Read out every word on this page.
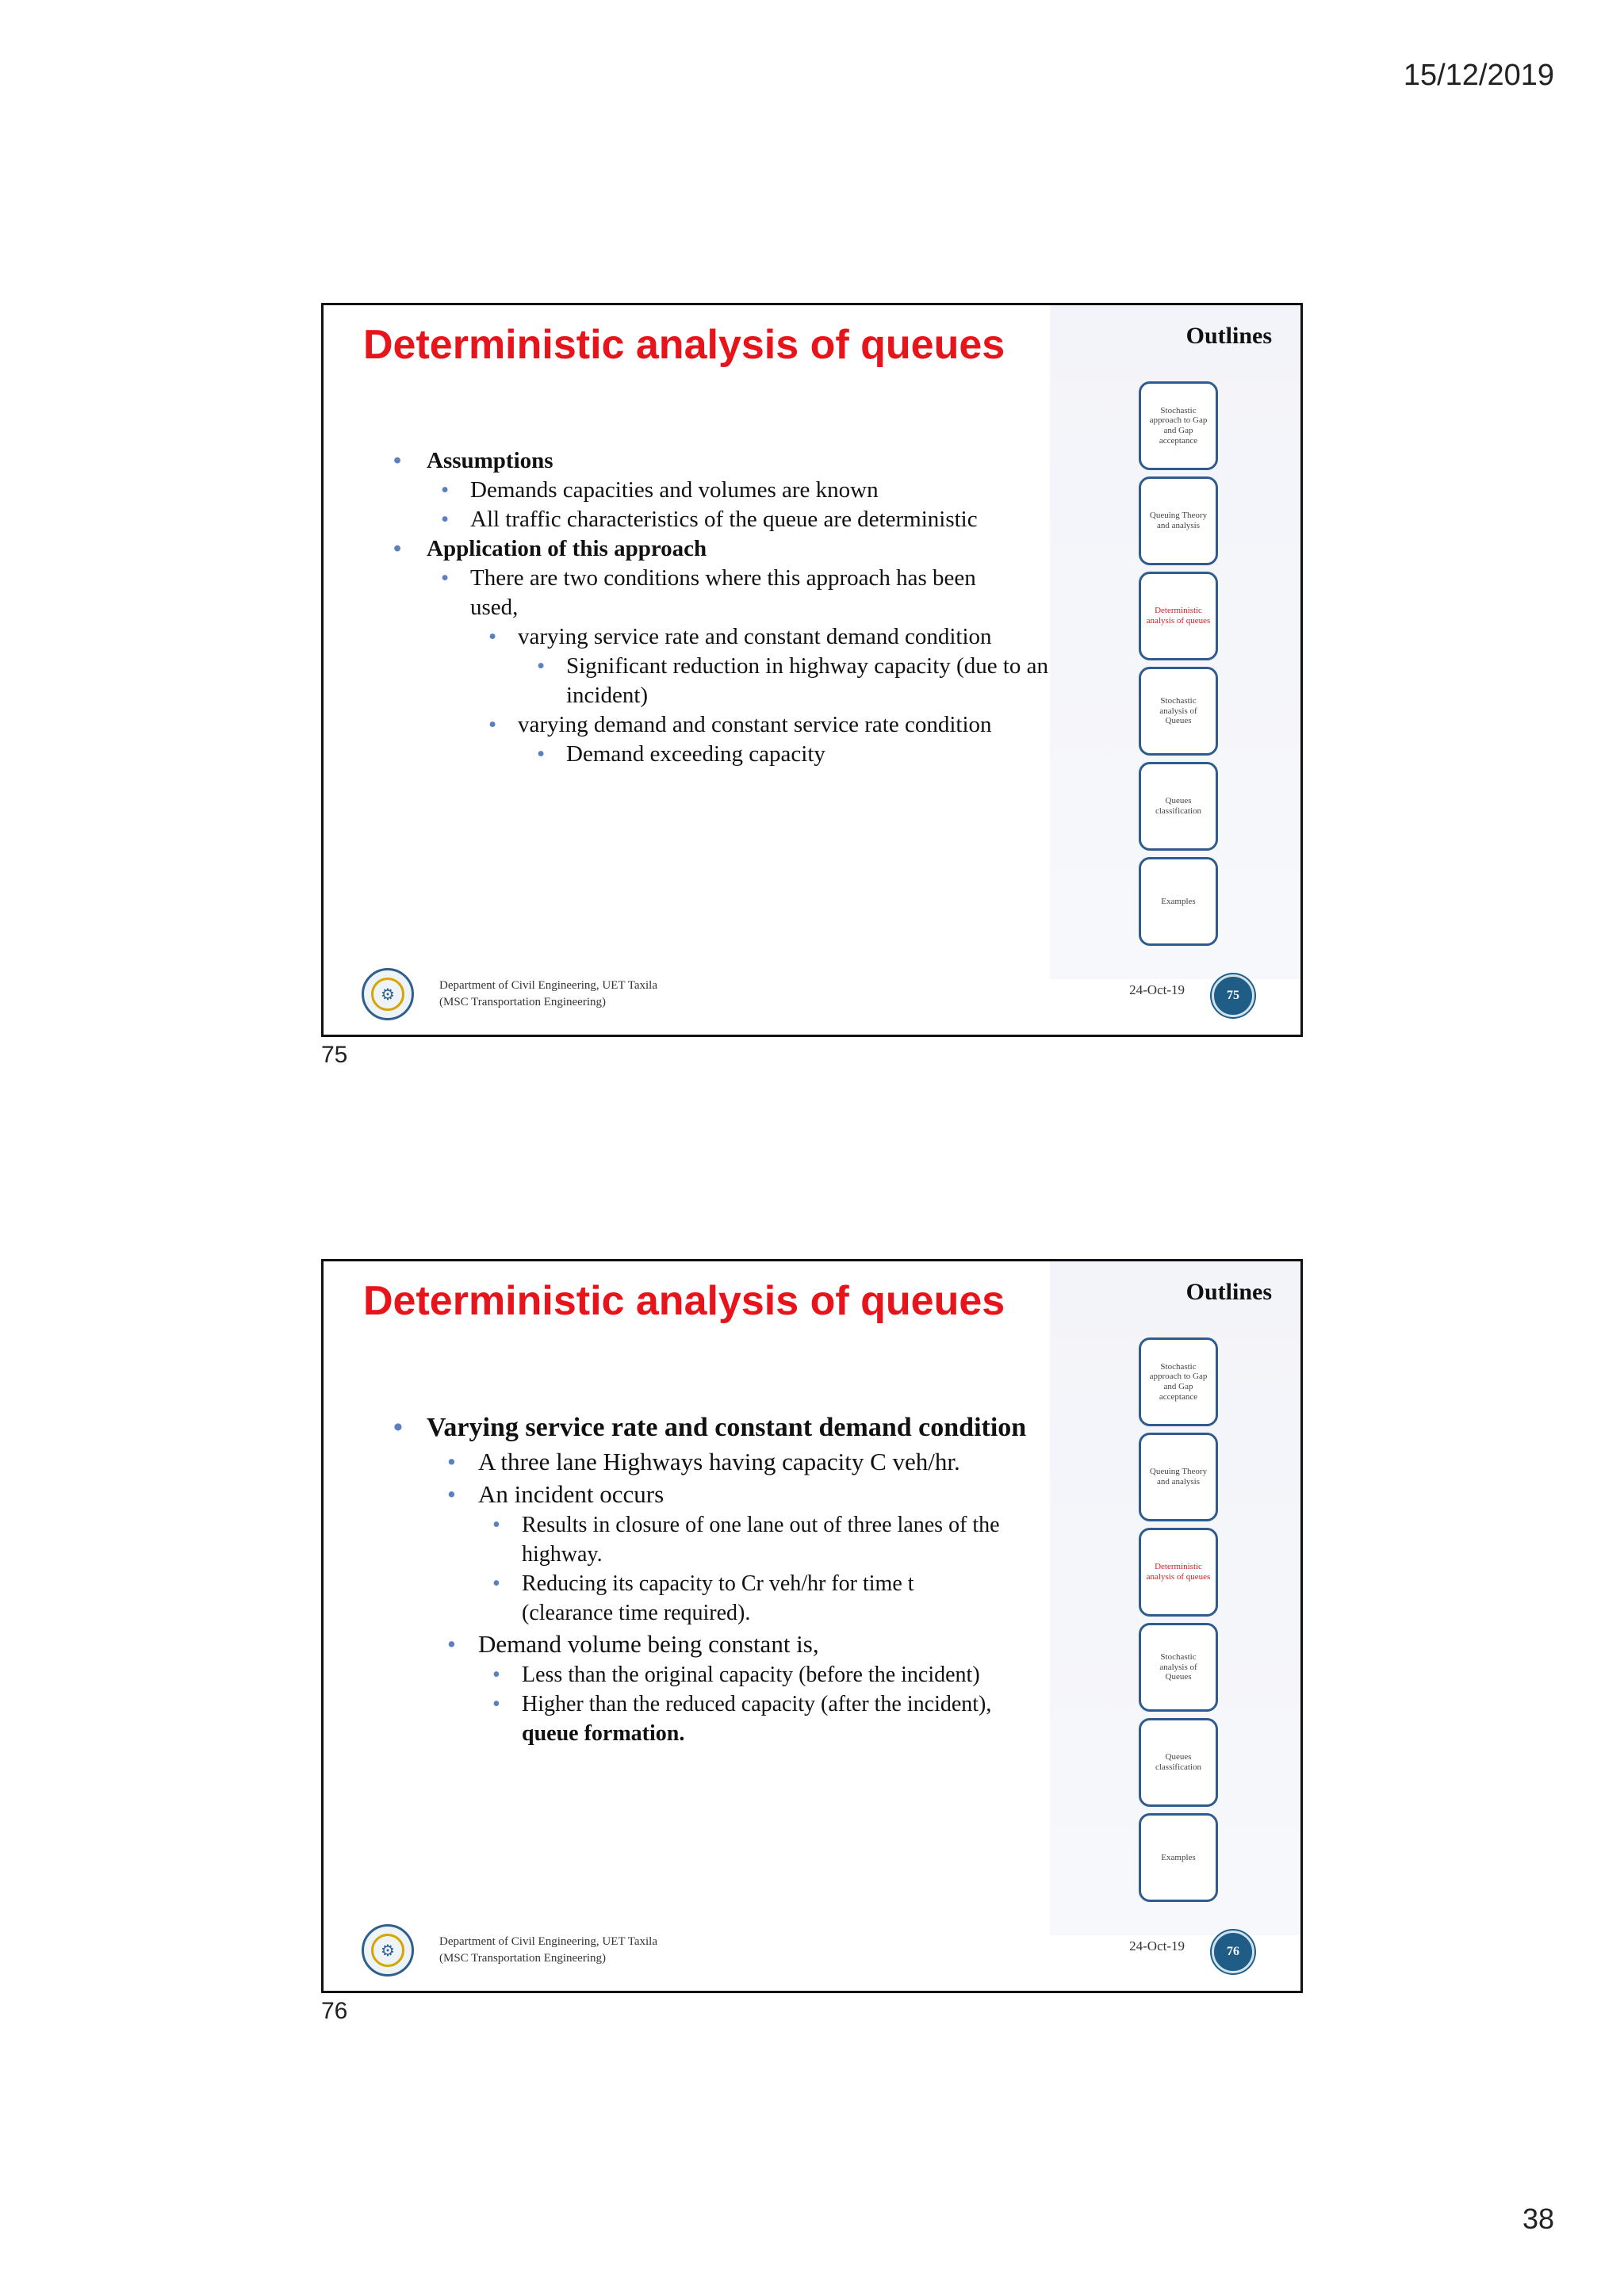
15/12/2019
Deterministic analysis of queues	Outlines
Stochastic approach to Gap and Gap acceptance
Queuing Theory and analysis
Deterministic analysis of queues
Stochastic analysis of Queues
Queues classification
Examples
• Assumptions
• Demands capacities and volumes are known
• All traffic characteristics of the queue are deterministic
• Application of this approach
• There are two conditions where this approach has been used,
• varying service rate and constant demand condition
• Significant reduction in highway capacity (due to an incident)
• varying demand and constant service rate condition
• Demand exceeding capacity
⚙
Department of Civil Engineering, UET Taxila
(MSC Transportation Engineering)
24-Oct-19	75
75
Deterministic analysis of queues	Outlines
Stochastic approach to Gap and Gap acceptance
Queuing Theory and analysis
Deterministic analysis of queues
Stochastic analysis of Queues
Queues classification
Examples
• Varying service rate and constant demand condition
• A three lane Highways having capacity C veh/hr.
• An incident occurs
• Results in closure of one lane out of three lanes of the highway.
• Reducing its capacity to Cr veh/hr for time t (clearance time required).
• Demand volume being constant is,
• Less than the original capacity (before the incident)
• Higher than the reduced capacity (after the incident),
queue formation.
⚙
Department of Civil Engineering, UET Taxila
(MSC Transportation Engineering)
24-Oct-19	76
76
38
